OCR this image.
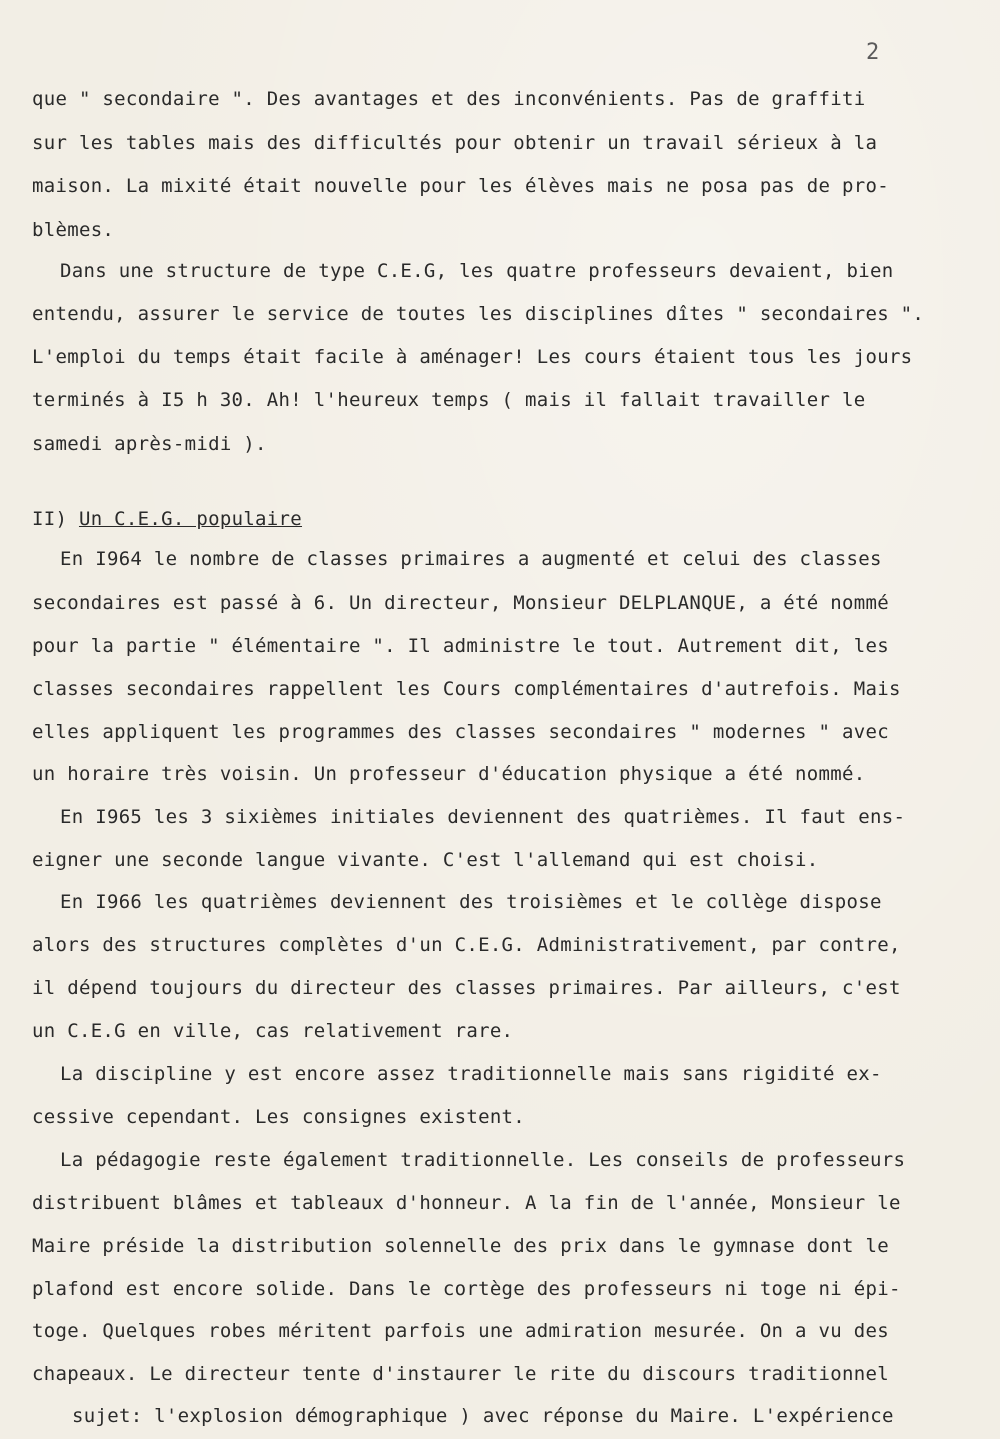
2
que " secondaire ". Des avantages et des inconvénients. Pas de graffiti
sur les tables mais des difficultés pour obtenir un travail sérieux à la
maison. La mixité était nouvelle pour les élèves mais ne posa pas de pro-
blèmes.
Dans une structure de type C.E.G, les quatre professeurs devaient, bien
entendu, assurer le service de toutes les disciplines dîtes " secondaires ".
L'emploi du temps était facile à aménager! Les cours étaient tous les jours
terminés à I5 h 30. Ah! l'heureux temps ( mais il fallait travailler le
samedi après-midi ).
II) Un C.E.G. populaire
En I964 le nombre de classes primaires a augmenté et celui des classes
secondaires est passé à 6. Un directeur, Monsieur DELPLANQUE, a été nommé
pour la partie " élémentaire ". Il administre le tout. Autrement dit, les
classes secondaires rappellent les Cours complémentaires d'autrefois. Mais
elles appliquent les programmes des classes secondaires " modernes " avec
un horaire très voisin. Un professeur d'éducation physique a été nommé.
En I965 les 3 sixièmes initiales deviennent des quatrièmes. Il faut ens-
eigner une seconde langue vivante. C'est l'allemand qui est choisi.
En I966 les quatrièmes deviennent des troisièmes et le collège dispose
alors des structures complètes d'un C.E.G. Administrativement, par contre,
il dépend toujours du directeur des classes primaires. Par ailleurs, c'est
un C.E.G en ville, cas relativement rare.
La discipline y est encore assez traditionnelle mais sans rigidité ex-
cessive cependant. Les consignes existent.
La pédagogie reste également traditionnelle. Les conseils de professeurs
distribuent blâmes et tableaux d'honneur. A la fin de l'année, Monsieur le
Maire préside la distribution solennelle des prix dans le gymnase dont le
plafond est encore solide. Dans le cortège des professeurs ni toge ni épi-
toge. Quelques robes méritent parfois une admiration mesurée. On a vu des
chapeaux. Le directeur tente d'instaurer le rite du discours traditionnel
sujet: l'explosion démographique ) avec réponse du Maire. L'expérience
